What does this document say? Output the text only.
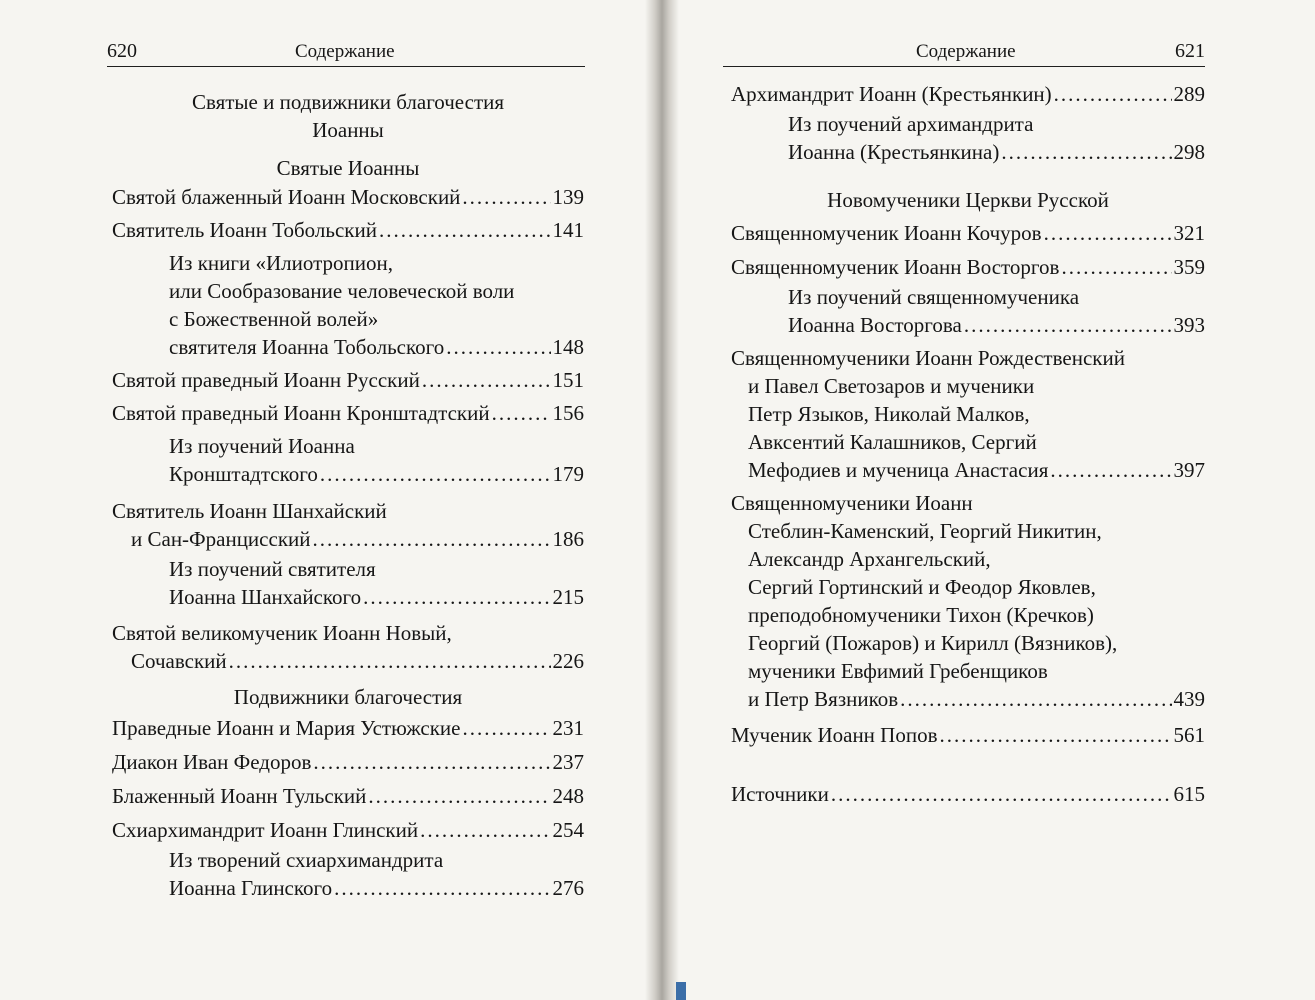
620	Содержание	Содержание	621
Святые и подвижники благочестия
Иоанны
Святые Иоанны
Святой блаженный Иоанн Московский .....	139
Святитель Иоанн Тобольский .....	141
Из книги «Илиотропион,
или Сообразование человеческой воли
с Божественной волей»
святителя Иоанна Тобольского .....	148
Святой праведный Иоанн Русский .....	151
Святой праведный Иоанн Кронштадтский .....	156
Из поучений Иоанна
Кронштадтского .....	179
Святитель Иоанн Шанхайский
и Сан-Францисский .....	186
Из поучений святителя
Иоанна Шанхайского .....	215
Святой великомученик Иоанн Новый,
Сочавский .....	226
Подвижники благочестия
Праведные Иоанн и Мария Устюжские .....	231
Диакон Иван Федоров .....	237
Блаженный Иоанн Тульский .....	248
Схиархимандрит Иоанн Глинский .....	254
Из творений схиархимандрита
Иоанна Глинского .....	276
Архимандрит Иоанн (Крестьянкин) .....	289
Из поучений архимандрита
Иоанна (Крестьянкина) .....	298
Новомученики Церкви Русской
Священномученик Иоанн Кочуров .....	321
Священномученик Иоанн Восторгов .....	359
Из поучений священномученика
Иоанна Восторгова .....	393
Священномученики Иоанн Рождественский
и Павел Светозаров и мученики
Петр Языков, Николай Малков,
Авксентий Калашников, Сергий
Мефодиев и мученица Анастасия .....	397
Священномученики Иоанн
Стеблин-Каменский, Георгий Никитин,
Александр Архангельский,
Сергий Гортинский и Феодор Яковлев,
преподобномученики Тихон (Кречков)
Георгий (Пожаров) и Кирилл (Вязников),
мученики Евфимий Гребенщиков
и Петр Вязников .....	439
Мученик Иоанн Попов .....	561
Источники .....	615
